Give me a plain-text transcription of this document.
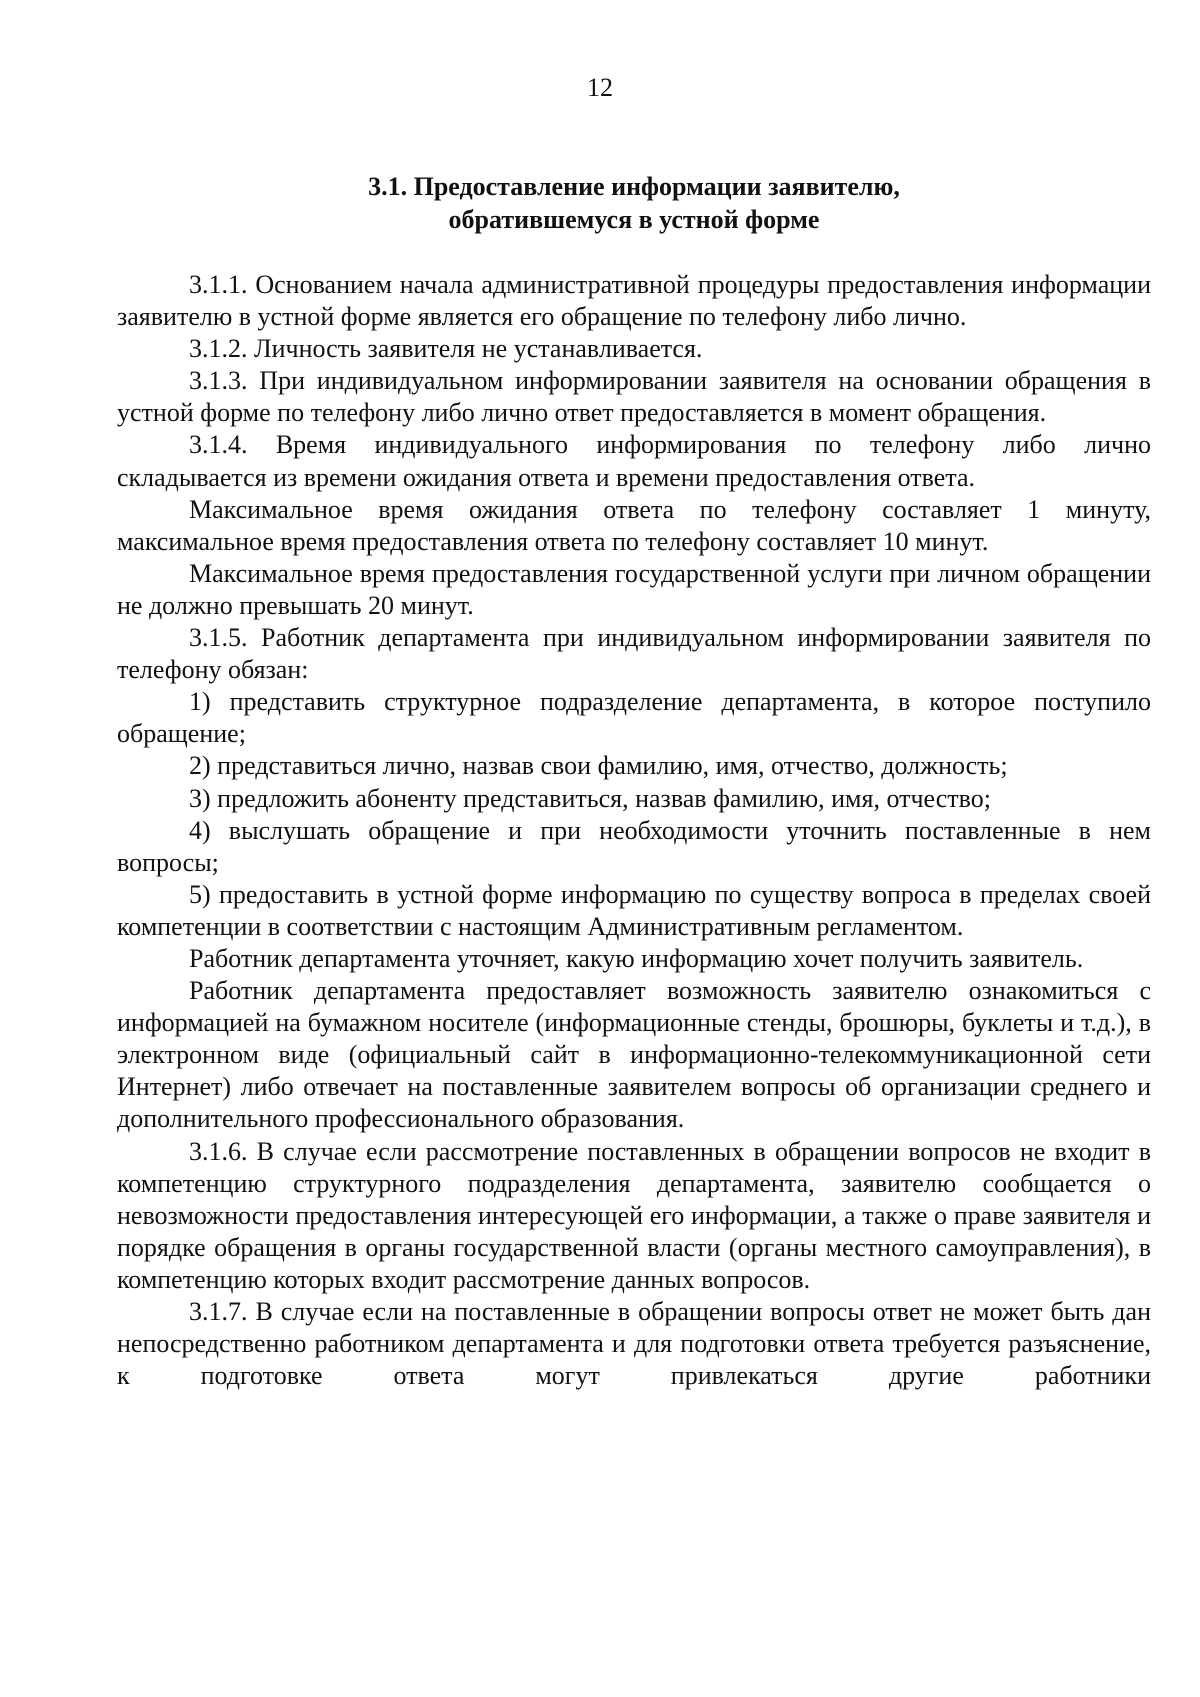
12
3.1. Предоставление информации заявителю,
обратившемуся в устной форме

3.1.1. Основанием начала административной процедуры предоставления информации заявителю в устной форме является его обращение по телефону либо лично.

3.1.2. Личность заявителя не устанавливается.

3.1.3. При индивидуальном информировании заявителя на основании обращения в устной форме по телефону либо лично ответ предоставляется в момент обращения.

3.1.4. Время индивидуального информирования по телефону либо лично складывается из времени ожидания ответа и времени предоставления ответа.

Максимальное время ожидания ответа по телефону составляет 1 минуту, максимальное время предоставления ответа по телефону составляет 10 минут.

Максимальное время предоставления государственной услуги при личном обращении не должно превышать 20 минут.

3.1.5. Работник департамента при индивидуальном информировании заявителя по телефону обязан:

1) представить структурное подразделение департамента, в которое поступило обращение;

2) представиться лично, назвав свои фамилию, имя, отчество, должность;

3) предложить абоненту представиться, назвав фамилию, имя, отчество;

4) выслушать обращение и при необходимости уточнить поставленные в нем вопросы;

5) предоставить в устной форме информацию по существу вопроса в пределах своей компетенции в соответствии с настоящим Административным регламентом.

Работник департамента уточняет, какую информацию хочет получить заявитель.

Работник департамента предоставляет возможность заявителю ознакомиться с информацией на бумажном носителе (информационные стенды, брошюры, буклеты и т.д.), в электронном виде (официальный сайт в информационно-телекоммуникационной сети Интернет) либо отвечает на поставленные заявителем вопросы об организации среднего и дополнительного профессионального образования.

3.1.6. В случае если рассмотрение поставленных в обращении вопросов не входит в компетенцию структурного подразделения департамента, заявителю сообщается о невозможности предоставления интересующей его информации, а также о праве заявителя и порядке обращения в органы государственной власти (органы местного самоуправления), в компетенцию которых входит рассмотрение данных вопросов.

3.1.7. В случае если на поставленные в обращении вопросы ответ не может быть дан непосредственно работником департамента и для подготовки ответа требуется разъяснение, к подготовке ответа могут привлекаться другие работники
